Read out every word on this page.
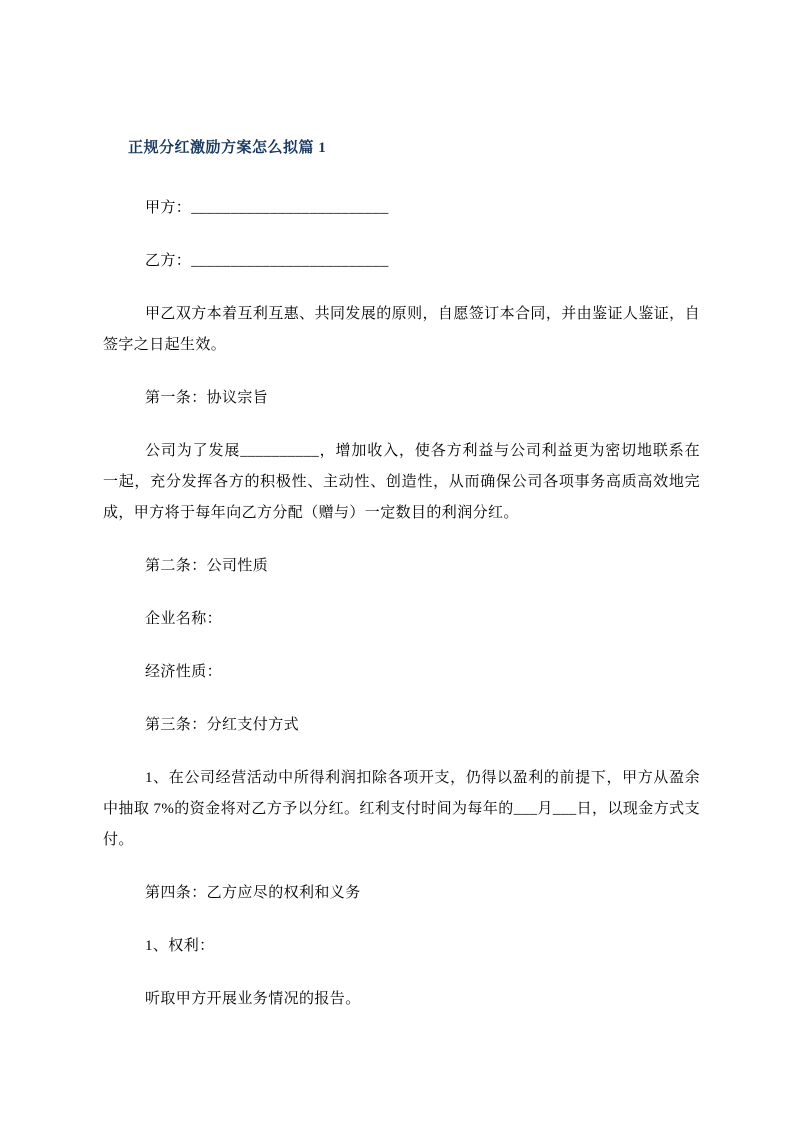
正规分红激励方案怎么拟篇 1

甲方：_________________________

乙方：_________________________

甲乙双方本着互利互惠、共同发展的原则，自愿签订本合同，并由鉴证人鉴证，自签字之日起生效。

第一条：协议宗旨

公司为了发展__________，增加收入，使各方利益与公司利益更为密切地联系在一起，充分发挥各方的积极性、主动性、创造性，从而确保公司各项事务高质高效地完成，甲方将于每年向乙方分配（赠与）一定数目的利润分红。

第二条：公司性质

企业名称：

经济性质：

第三条：分红支付方式

1、在公司经营活动中所得利润扣除各项开支，仍得以盈利的前提下，甲方从盈余中抽取 7%的资金将对乙方予以分红。红利支付时间为每年的___月___日，以现金方式支付。

第四条：乙方应尽的权利和义务

1、权利：

听取甲方开展业务情况的报告。
